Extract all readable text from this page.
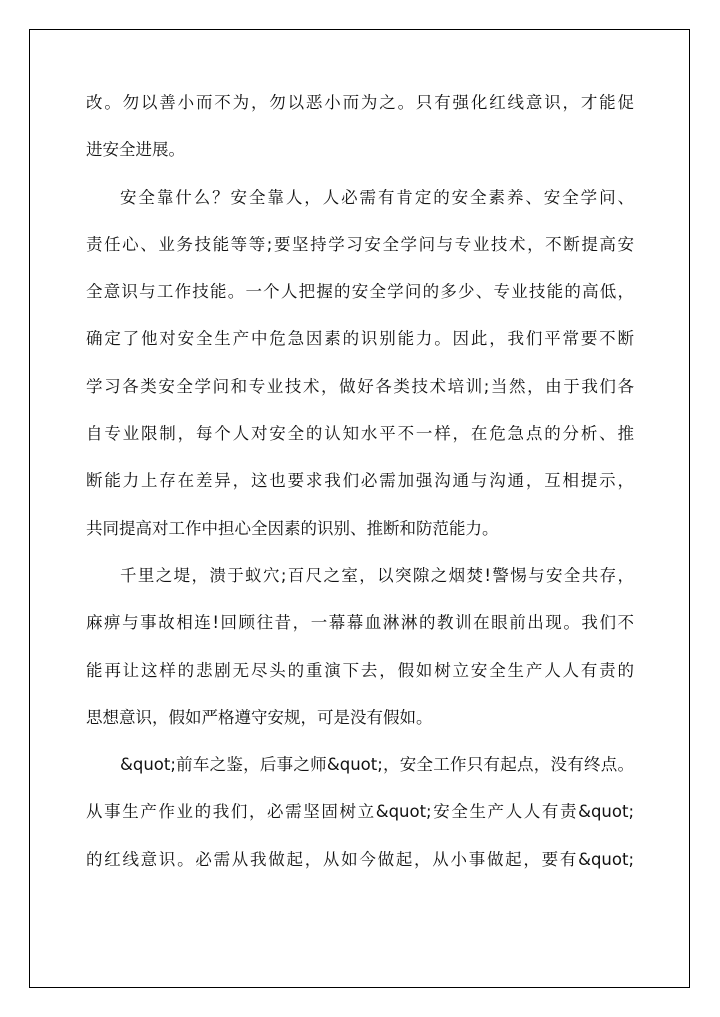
改。勿以善小而不为，勿以恶小而为之。只有强化红线意识，才能促
进安全进展。
安全靠什么？安全靠人，人必需有肯定的安全素养、安全学问、
责任心、业务技能等等;要坚持学习安全学问与专业技术，不断提高安
全意识与工作技能。一个人把握的安全学问的多少、专业技能的高低，
确定了他对安全生产中危急因素的识别能力。因此，我们平常要不断
学习各类安全学问和专业技术，做好各类技术培训;当然，由于我们各
自专业限制，每个人对安全的认知水平不一样，在危急点的分析、推
断能力上存在差异，这也要求我们必需加强沟通与沟通，互相提示，
共同提高对工作中担心全因素的识别、推断和防范能力。
千里之堤，溃于蚁穴;百尺之室，以突隙之烟焚!警惕与安全共存，
麻痹与事故相连!回顾往昔，一幕幕血淋淋的教训在眼前出现。我们不
能再让这样的悲剧无尽头的重演下去，假如树立安全生产人人有责的
思想意识，假如严格遵守安规，可是没有假如。
&quot;前车之鉴，后事之师&quot;，安全工作只有起点，没有终点。
从事生产作业的我们，必需坚固树立&quot;安全生产人人有责&quot;
的红线意识。必需从我做起，从如今做起，从小事做起，要有&quot;
